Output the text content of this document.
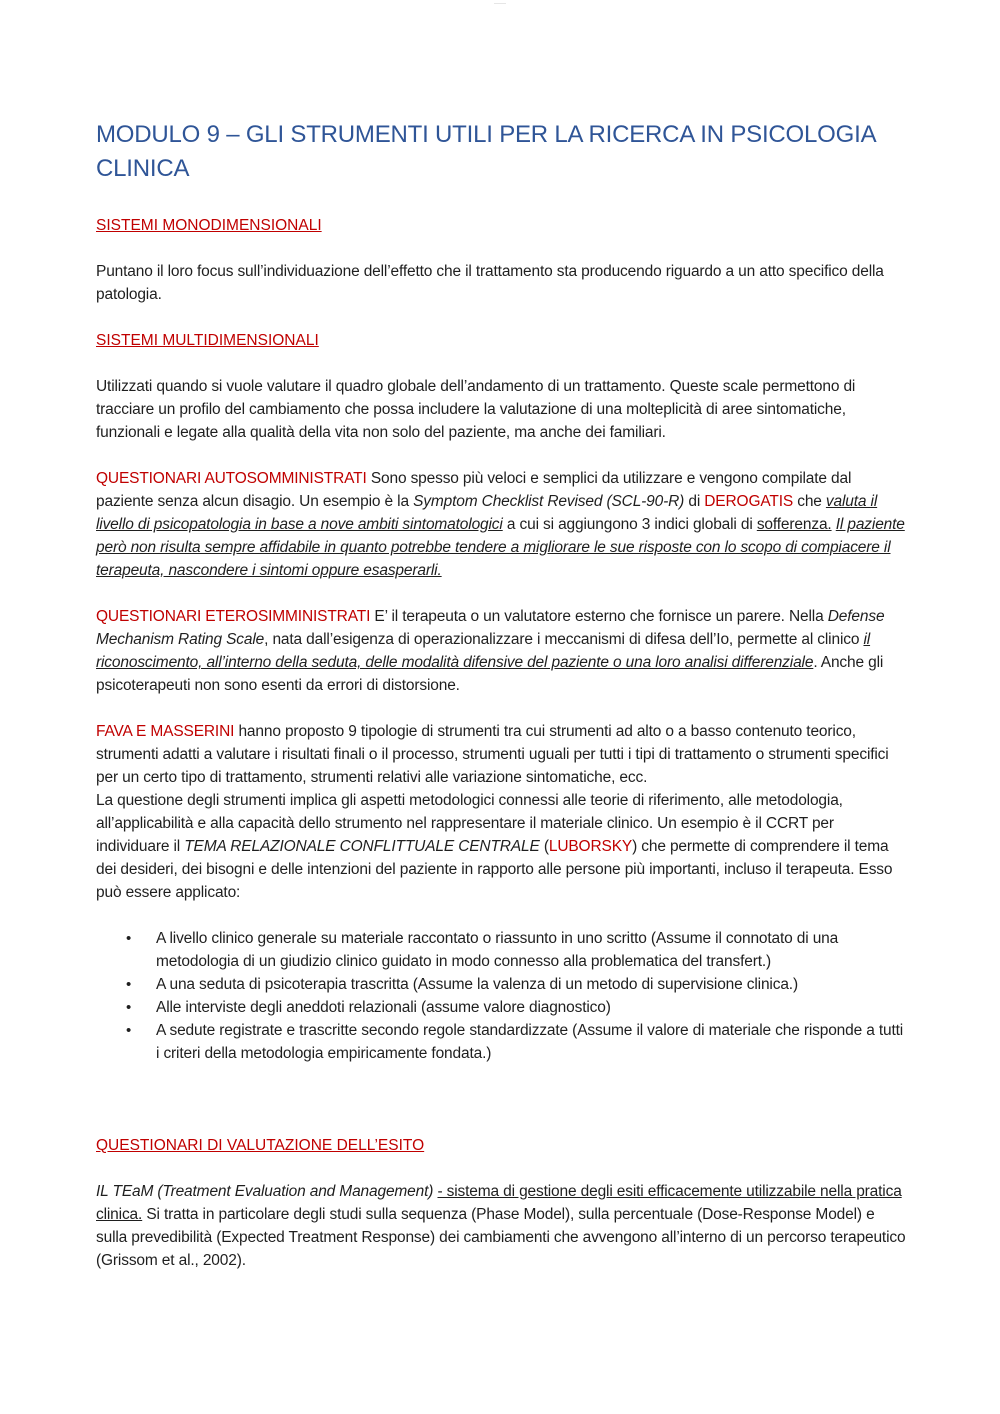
———
MODULO 9 – GLI STRUMENTI UTILI PER LA RICERCA IN PSICOLOGIA CLINICA
SISTEMI MONODIMENSIONALI

Puntano il loro focus sull’individuazione dell’effetto che il trattamento sta producendo riguardo a un atto specifico della patologia.

SISTEMI MULTIDIMENSIONALI

Utilizzati quando si vuole valutare il quadro globale dell’andamento di un trattamento. Queste scale permettono di tracciare un profilo del cambiamento che possa includere la valutazione di una molteplicità di aree sintomatiche, funzionali e legate alla qualità della vita non solo del paziente, ma anche dei familiari.

QUESTIONARI AUTOSOMMINISTRATI Sono spesso più veloci e semplici da utilizzare e vengono compilate dal paziente senza alcun disagio. Un esempio è la Symptom Checklist Revised (SCL-90-R) di DEROGATIS che valuta il livello di psicopatologia in base a nove ambiti sintomatologici a cui si aggiungono 3 indici globali di sofferenza. Il paziente però non risulta sempre affidabile in quanto potrebbe tendere a migliorare le sue risposte con lo scopo di compiacere il terapeuta, nascondere i sintomi oppure esasperarli.

QUESTIONARI ETEROSIMMINISTRATI E’ il terapeuta o un valutatore esterno che fornisce un parere. Nella Defense Mechanism Rating Scale, nata dall’esigenza di operazionalizzare i meccanismi di difesa dell’Io, permette al clinico il riconoscimento, all’interno della seduta, delle modalità difensive del paziente o una loro analisi differenziale. Anche gli psicoterapeuti non sono esenti da errori di distorsione.

FAVA E MASSERINI hanno proposto 9 tipologie di strumenti tra cui strumenti ad alto o a basso contenuto teorico, strumenti adatti a valutare i risultati finali o il processo, strumenti uguali per tutti i tipi di trattamento o strumenti specifici per un certo tipo di trattamento, strumenti relativi alle variazione sintomatiche, ecc.

La questione degli strumenti implica gli aspetti metodologici connessi alle teorie di riferimento, alle metodologia, all’applicabilità e alla capacità dello strumento nel rappresentare il materiale clinico. Un esempio è il CCRT per individuare il TEMA RELAZIONALE CONFLITTUALE CENTRALE (LUBORSKY) che permette di comprendere il tema dei desideri, dei bisogni e delle intenzioni del paziente in rapporto alle persone più importanti, incluso il terapeuta. Esso può essere applicato:

• A livello clinico generale su materiale raccontato o riassunto in uno scritto (Assume il connotato di una metodologia di un giudizio clinico guidato in modo connesso alla problematica del transfert.)
• A una seduta di psicoterapia trascritta (Assume la valenza di un metodo di supervisione clinica.)
• Alle interviste degli aneddoti relazionali (assume valore diagnostico)
• A sedute registrate e trascritte secondo regole standardizzate (Assume il valore di materiale che risponde a tutti i criteri della metodologia empiricamente fondata.)
QUESTIONARI DI VALUTAZIONE DELL’ESITO

IL TEaM (Treatment Evaluation and Management) - sistema di gestione degli esiti efficacemente utilizzabile nella pratica clinica. Si tratta in particolare degli studi sulla sequenza (Phase Model), sulla percentuale (Dose-Response Model) e sulla prevedibilità (Expected Treatment Response) dei cambiamenti che avvengono all’interno di un percorso terapeutico (Grissom et al., 2002).
